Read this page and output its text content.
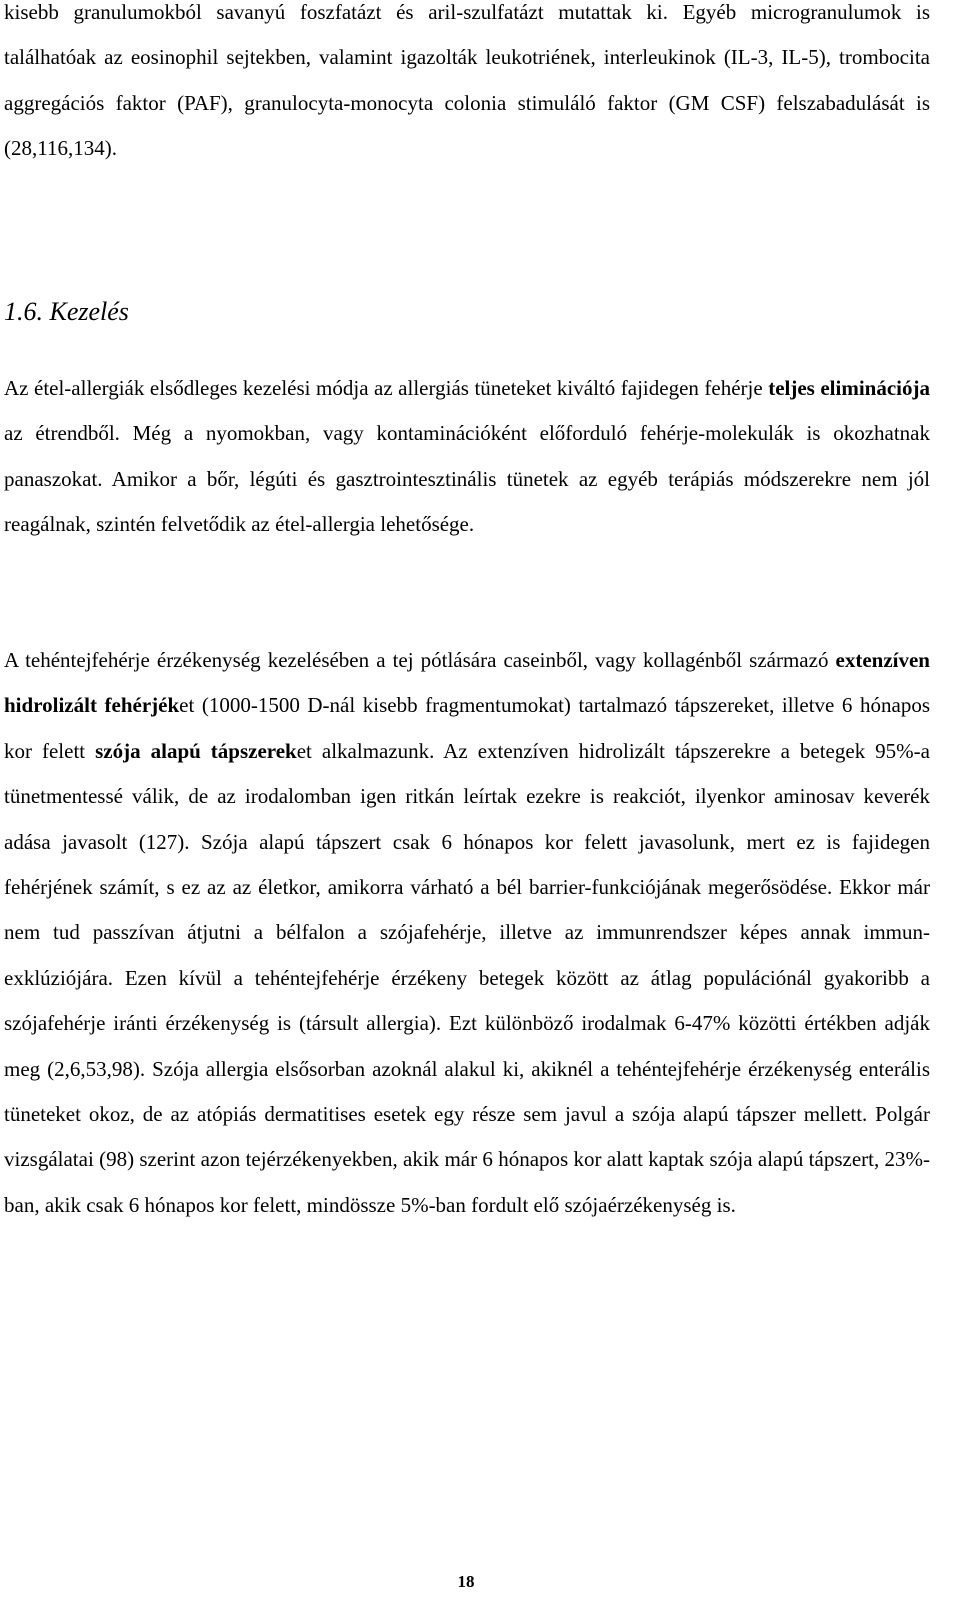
kisebb granulumokból savanyú foszfatázt és aril-szulfatázt mutattak ki. Egyéb microgranulumok is találhatóak az eosinophil sejtekben, valamint igazolták leukotriének, interleukinok (IL-3, IL-5), trombocita aggregációs faktor (PAF), granulocyta-monocyta colonia stimuláló faktor (GM CSF) felszabadulását is (28,116,134).

1.6. Kezelés

Az étel-allergiák elsődleges kezelési módja az allergiás tüneteket kiváltó fajidegen fehérje teljes eliminációja az étrendből. Még a nyomokban, vagy kontaminációként előforduló fehérje-molekulák is okozhatnak panaszokat. Amikor a bőr, légúti és gasztrointesztinális tünetek az egyéb terápiás módszerekre nem jól reagálnak, szintén felvetődik az étel-allergia lehetősége.

A tehéntejfehérje érzékenység kezelésében a tej pótlására caseinből, vagy kollagénből származó extenzíven hidrolizált fehérjéket (1000-1500 D-nál kisebb fragmentumokat) tartalmazó tápszereket, illetve 6 hónapos kor felett szója alapú tápszereket alkalmazunk. Az extenzíven hidrolizált tápszerekre a betegek 95%-a tünetmentessé válik, de az irodalomban igen ritkán leírtak ezekre is reakciót, ilyenkor aminosav keverék adása javasolt (127). Szója alapú tápszert csak 6 hónapos kor felett javasolunk, mert ez is fajidegen fehérjének számít, s ez az az életkor, amikorra várható a bél barrier-funkciójának megerősödése. Ekkor már nem tud passzívan átjutni a bélfalon a szójafehérje, illetve az immunrendszer képes annak immun-exklúziójára. Ezen kívül a tehéntejfehérje érzékeny betegek között az átlag populációnál gyakoribb a szójafehérje iránti érzékenység is (társult allergia). Ezt különböző irodalmak 6-47% közötti értékben adják meg (2,6,53,98). Szója allergia elsősorban azoknál alakul ki, akiknél a tehéntejfehérje érzékenység enterális tüneteket okoz, de az atópiás dermatitises esetek egy része sem javul a szója alapú tápszer mellett. Polgár vizsgálatai (98) szerint azon tejérzékenyekben, akik már 6 hónapos kor alatt kaptak szója alapú tápszert, 23%-ban, akik csak 6 hónapos kor felett, mindössze 5%-ban fordult elő szójaérzékenység is.

18
